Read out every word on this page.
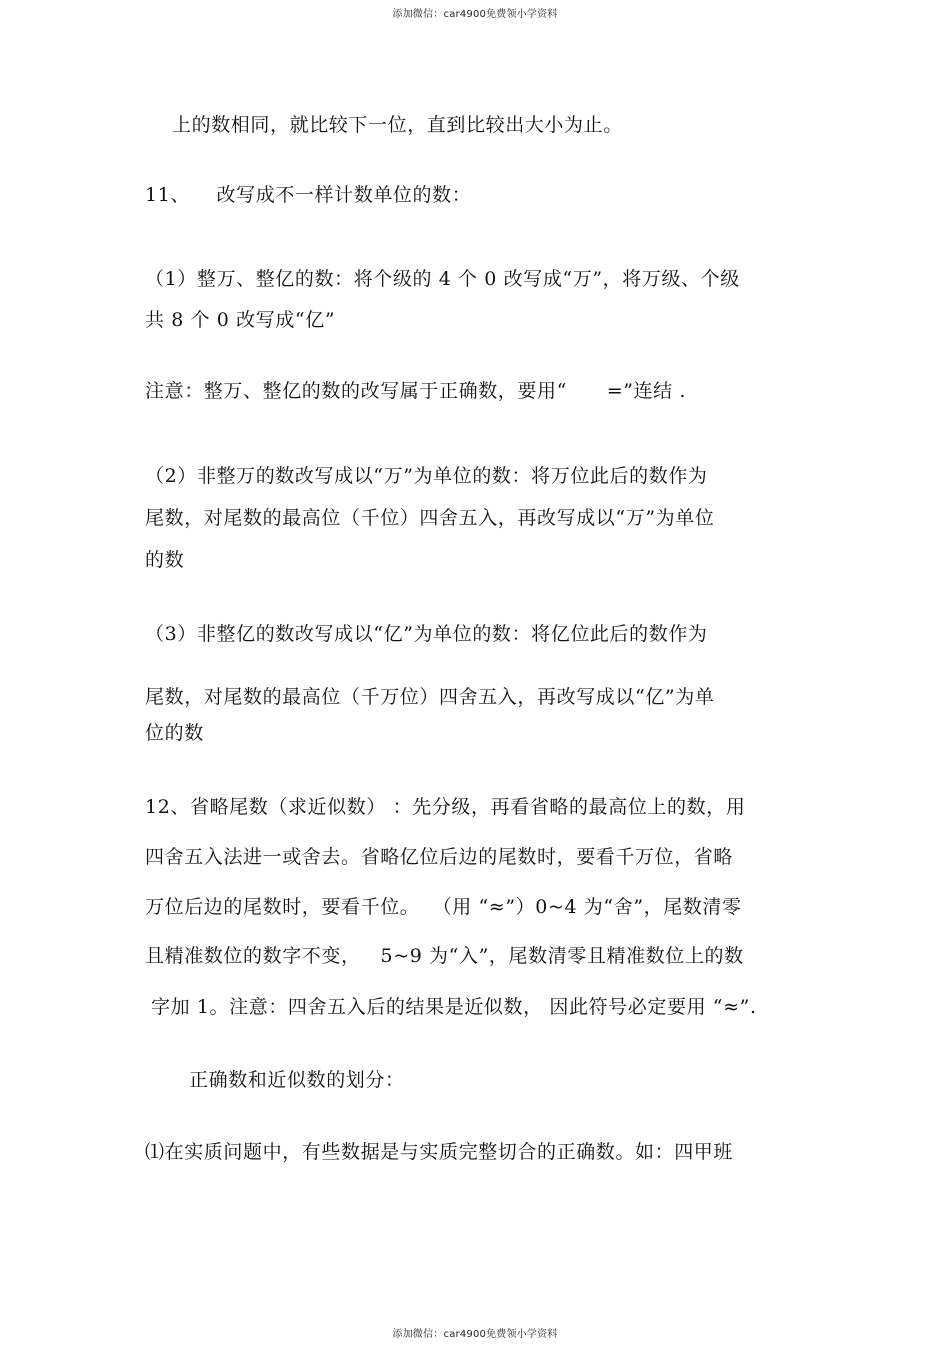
添加微信：car4900免费领小学资料
上的数相同，就比较下一位，直到比较出大小为止。
11、    改写成不一样计数单位的数：
（1）整万、整亿的数：将个级的 4 个 0 改写成“万”，将万级、个级
共 8 个 0 改写成“亿”
注意：整万、整亿的数的改写属于正确数，要用“      =”连结 .
（2）非整万的数改写成以“万”为单位的数：将万位此后的数作为
尾数，对尾数的最高位（千位）四舍五入，再改写成以“万”为单位
的数
（3）非整亿的数改写成以“亿”为单位的数：将亿位此后的数作为
尾数，对尾数的最高位（千万位）四舍五入，再改写成以“亿”为单
位的数
12、省略尾数（求近似数） ：先分级，再看省略的最高位上的数，用
四舍五入法进一或舍去。省略亿位后边的尾数时，要看千万位，省略
万位后边的尾数时，要看千位。  （用 “≈”）0~4 为“舍”，尾数清零
且精准数位的数字不变，   5~9 为“入”，尾数清零且精准数位上的数
字加 1。注意：四舍五入后的结果是近似数， 因此符号必定要用 “≈”.
正确数和近似数的划分：
⑴在实质问题中，有些数据是与实质完整切合的正确数。如：四甲班
添加微信：car4900免费领小学资料
